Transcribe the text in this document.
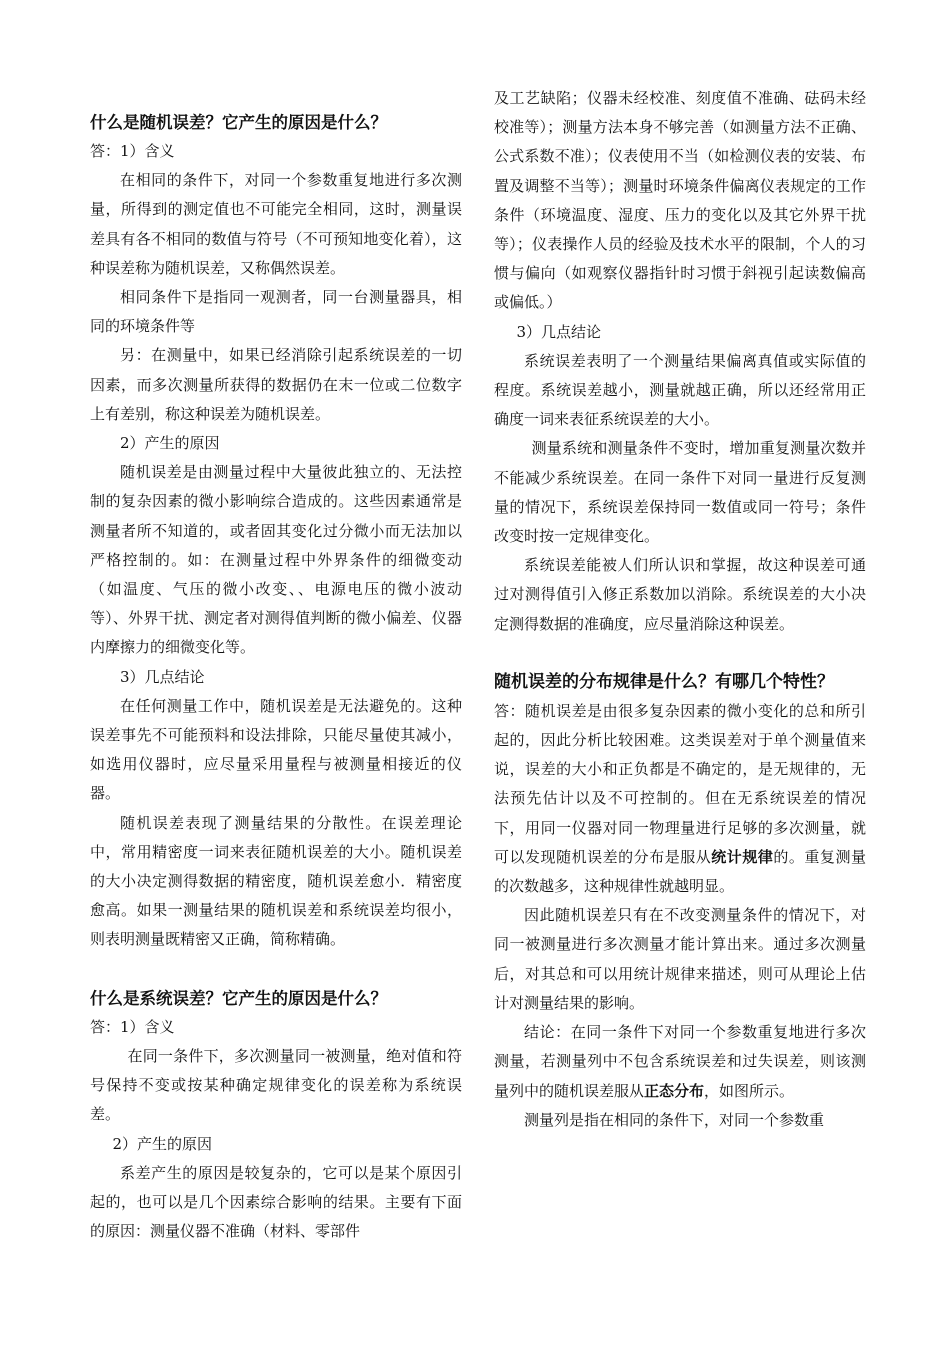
什么是随机误差？它产生的原因是什么？

答：1）含义

在相同的条件下，对同一个参数重复地进行多次测量，所得到的测定值也不可能完全相同，这时，测量误差具有各不相同的数值与符号（不可预知地变化着），这种误差称为随机误差，又称偶然误差。

相同条件下是指同一观测者，同一台测量器具，相同的环境条件等

另：在测量中，如果已经消除引起系统误差的一切因素，而多次测量所获得的数据仍在末一位或二位数字上有差别，称这种误差为随机误差。

2）产生的原因

随机误差是由测量过程中大量彼此独立的、无法控制的复杂因素的微小影响综合造成的。这些因素通常是测量者所不知道的，或者固其变化过分微小而无法加以严格控制的。如：在测量过程中外界条件的细微变动（如温度、气压的微小改变、、电源电压的微小波动等）、外界干扰、测定者对测得值判断的微小偏差、仪器内摩擦力的细微变化等。

3）几点结论

在任何测量工作中，随机误差是无法避免的。这种误差事先不可能预料和设法排除，只能尽量使其减小，如选用仪器时，应尽量采用量程与被测量相接近的仪器。

随机误差表现了测量结果的分散性。在误差理论中，常用精密度一词来表征随机误差的大小。随机误差的大小决定测得数据的精密度，随机误差愈小．精密度愈高。如果一测量结果的随机误差和系统误差均很小，则表明测量既精密又正确，简称精确。

什么是系统误差？它产生的原因是什么？

答：1）含义

在同一条件下，多次测量同一被测量，绝对值和符号保持不变或按某种确定规律变化的误差称为系统误差。

2）产生的原因

系差产生的原因是较复杂的，它可以是某个原因引起的，也可以是几个因素综合影响的结果。主要有下面的原因：测量仪器不准确（材料、零部件

及工艺缺陷；仪器未经校准、刻度值不准确、砝码未经校准等）；测量方法本身不够完善（如测量方法不正确、公式系数不准）；仪表使用不当（如检测仪表的安装、布置及调整不当等）；测量时环境条件偏离仪表规定的工作条件（环境温度、湿度、压力的变化以及其它外界干扰等）；仪表操作人员的经验及技术水平的限制，个人的习惯与偏向（如观察仪器指针时习惯于斜视引起读数偏高或偏低。）

3）几点结论

系统误差表明了一个测量结果偏离真值或实际值的程度。系统误差越小，测量就越正确，所以还经常用正确度一词来表征系统误差的大小。

测量系统和测量条件不变时，增加重复测量次数并不能减少系统误差。在同一条件下对同一量进行反复测量的情况下，系统误差保持同一数值或同一符号；条件改变时按一定规律变化。

系统误差能被人们所认识和掌握，故这种误差可通过对测得值引入修正系数加以消除。系统误差的大小决定测得数据的准确度，应尽量消除这种误差。

随机误差的分布规律是什么？有哪几个特性？

答：随机误差是由很多复杂因素的微小变化的总和所引起的，因此分析比较困难。这类误差对于单个测量值来说，误差的大小和正负都是不确定的，是无规律的，无法预先估计以及不可控制的。但在无系统误差的情况下，用同一仪器对同一物理量进行足够的多次测量，就可以发现随机误差的分布是服从统计规律的。重复测量的次数越多，这种规律性就越明显。

因此随机误差只有在不改变测量条件的情况下，对同一被测量进行多次测量才能计算出来。通过多次测量后，对其总和可以用统计规律来描述，则可从理论上估计对测量结果的影响。

结论：在同一条件下对同一个参数重复地进行多次测量，若测量列中不包含系统误差和过失误差，则该测量列中的随机误差服从正态分布，如图所示。

测量列是指在相同的条件下，对同一个参数重
